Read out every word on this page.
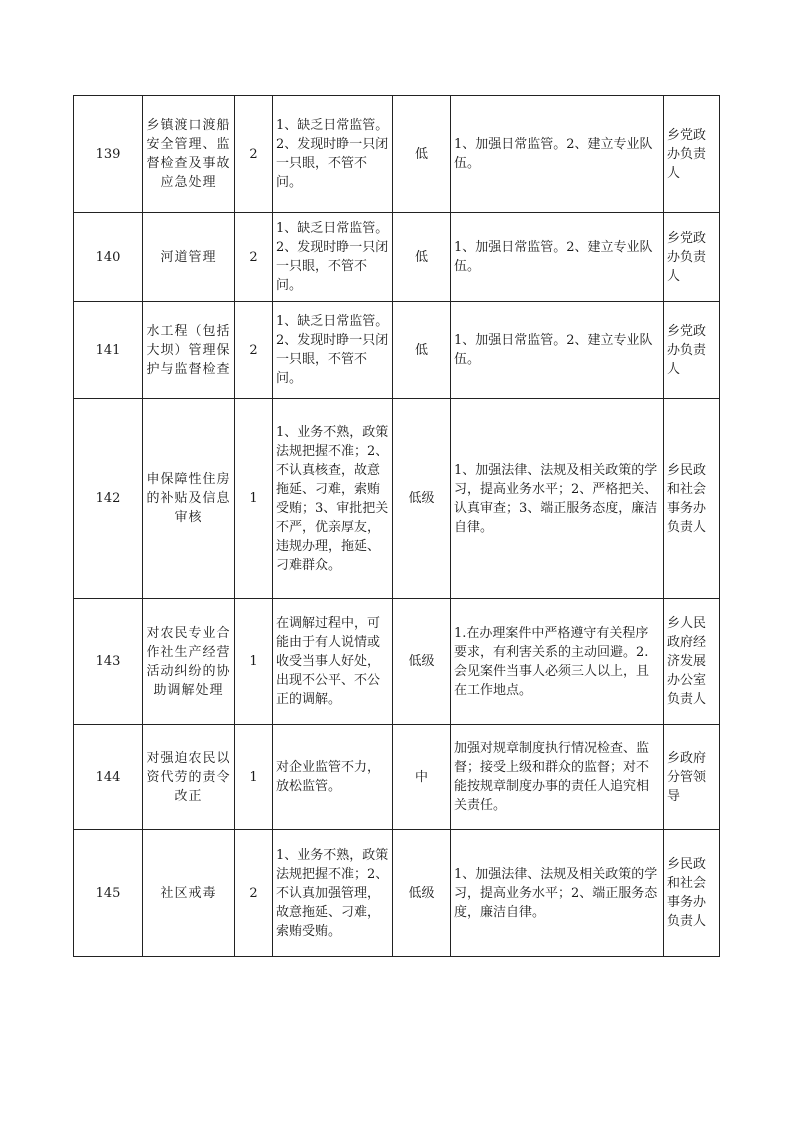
139	乡镇渡口渡船安全管理、监督检查及事故应急处理	2	1、缺乏日常监管。2、发现时睁一只闭一只眼，不管不问。	低	1、加强日常监管。2、建立专业队伍。	乡党政办负责人
140	河道管理	2	1、缺乏日常监管。2、发现时睁一只闭一只眼，不管不问。	低	1、加强日常监管。2、建立专业队伍。	乡党政办负责人
141	水工程（包括大坝）管理保护与监督检查	2	1、缺乏日常监管。2、发现时睁一只闭一只眼，不管不问。	低	1、加强日常监管。2、建立专业队伍。	乡党政办负责人
142	申保障性住房的补贴及信息审核	1	1、业务不熟，政策法规把握不准；2、不认真核查，故意拖延、刁难，索贿受贿；3、审批把关不严，优亲厚友，违规办理，拖延、刁难群众。	低级	1、加强法律、法规及相关政策的学习，提高业务水平；2、严格把关、认真审查；3、端正服务态度，廉洁自律。	乡民政和社会事务办负责人
143	对农民专业合作社生产经营活动纠纷的协助调解处理	1	在调解过程中，可能由于有人说情或收受当事人好处，出现不公平、不公正的调解。	低级	1.在办理案件中严格遵守有关程序要求，有利害关系的主动回避。2.会见案件当事人必须三人以上，且在工作地点。	乡人民政府经济发展办公室负责人
144	对强迫农民以资代劳的责令改正	1	对企业监管不力，放松监管。	中	加强对规章制度执行情况检查、监督；接受上级和群众的监督；对不能按规章制度办事的责任人追究相关责任。	乡政府分管领导
145	社区戒毒	2	1、业务不熟，政策法规把握不准；2、不认真加强管理，故意拖延、刁难，索贿受贿。	低级	1、加强法律、法规及相关政策的学习，提高业务水平；2、端正服务态度，廉洁自律。	乡民政和社会事务办负责人
